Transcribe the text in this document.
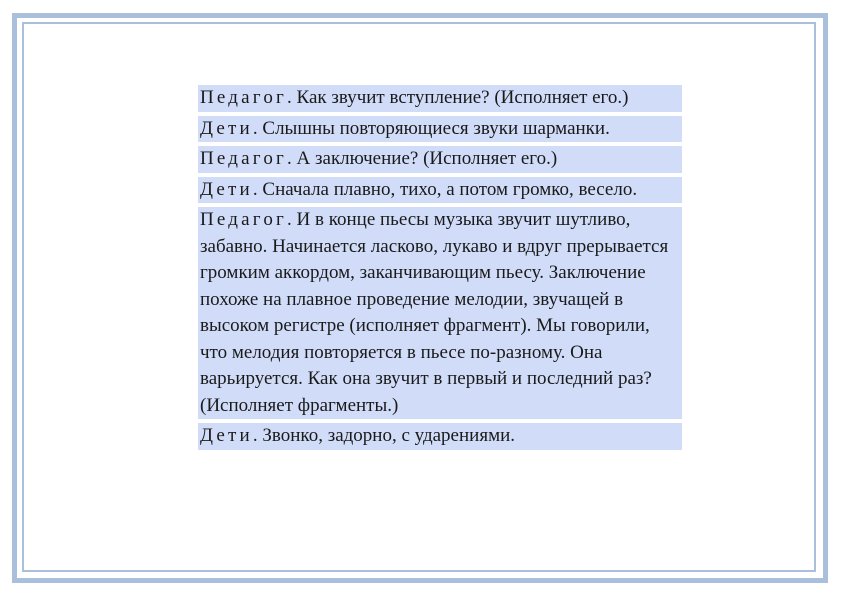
Педагог. Как звучит вступление? (Исполняет его.)
Дети. Слышны повторяющиеся звуки шарманки.
Педагог. А заключение? (Исполняет его.)
Дети. Сначала плавно, тихо, а потом громко, весело.
Педагог. И в конце пьесы музыка звучит шутливо, забавно. Начинается ласково, лукаво и вдруг прерывается громким аккордом, заканчивающим пьесу. Заключение похоже на плавное проведение мелодии, звучащей в высоком регистре (исполняет фрагмент). Мы говорили, что мелодия повторяется в пьесе по-разному. Она варьируется. Как она звучит в первый и последний раз? (Исполняет фрагменты.)
Дети. Звонко, задорно, с ударениями.
